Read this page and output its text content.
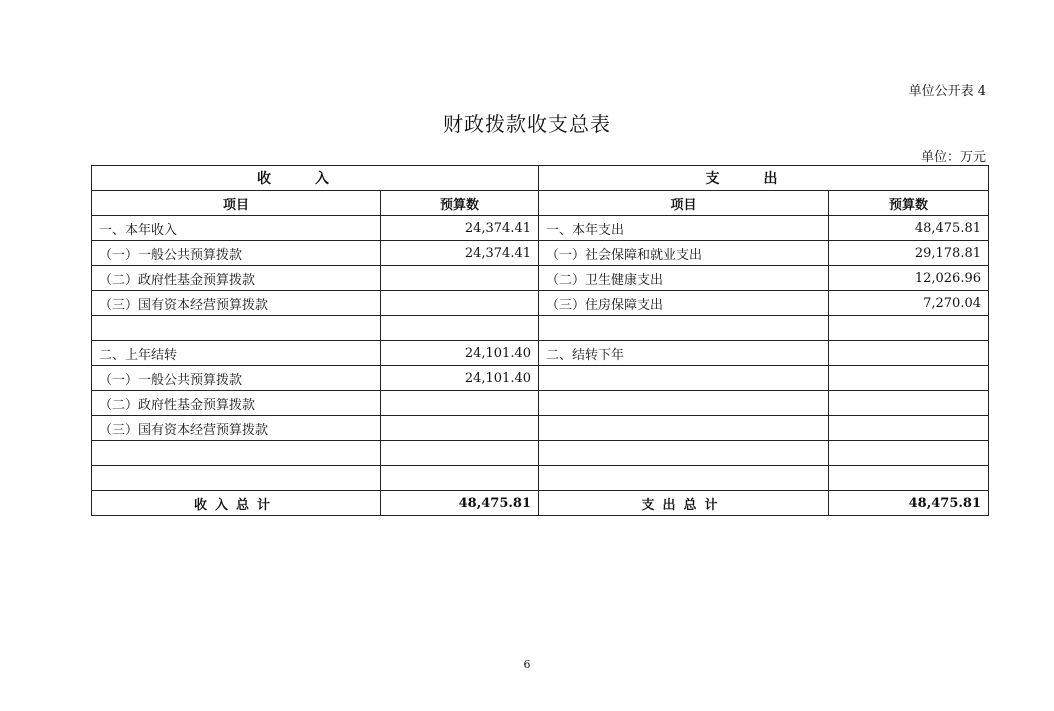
单位公开表 4
财政拨款收支总表
单位：万元
收入		支出	
项目	预算数	项目	预算数
一、本年收入	24,374.41	一、本年支出	48,475.81
（一）一般公共预算拨款	24,374.41	（一）社会保障和就业支出	29,178.81
（二）政府性基金预算拨款		（二）卫生健康支出	12,026.96
（三）国有资本经营预算拨款		（三）住房保障支出	7,270.04

二、上年结转	24,101.40	二、结转下年	
（一）一般公共预算拨款	24,101.40		
（二）政府性基金预算拨款			
（三）国有资本经营预算拨款			

收入总计	48,475.81	支出总计	48,475.81
6
